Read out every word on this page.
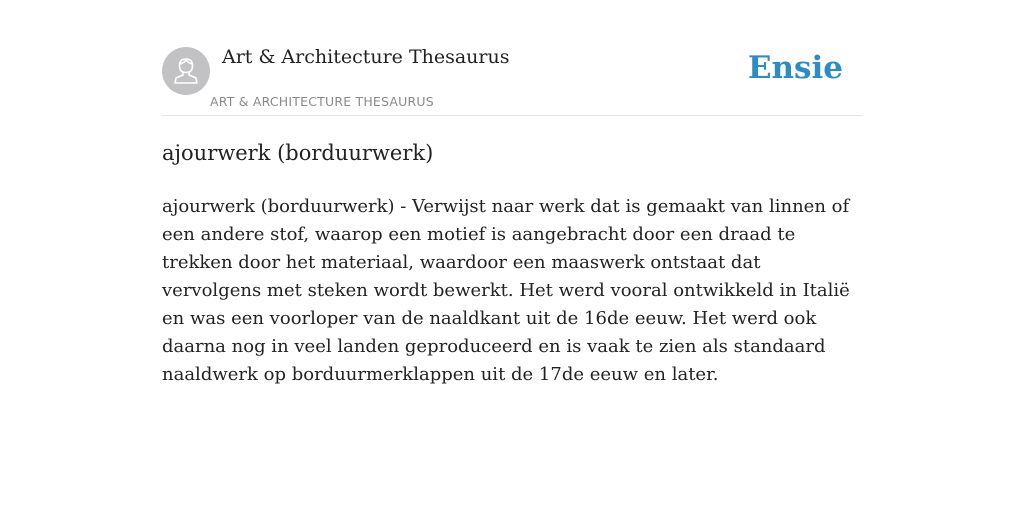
Art & Architecture Thesaurus
ART & ARCHITECTURE THESAURUS
Ensie
ajourwerk (borduurwerk)

ajourwerk (borduurwerk) - Verwijst naar werk dat is gemaakt van linnen of een andere stof, waarop een motief is aangebracht door een draad te trekken door het materiaal, waardoor een maaswerk ontstaat dat vervolgens met steken wordt bewerkt. Het werd vooral ontwikkeld in Italië en was een voorloper van de naaldkant uit de 16de eeuw. Het werd ook daarna nog in veel landen geproduceerd en is vaak te zien als standaard naaldwerk op borduurmerklappen uit de 17de eeuw en later.
